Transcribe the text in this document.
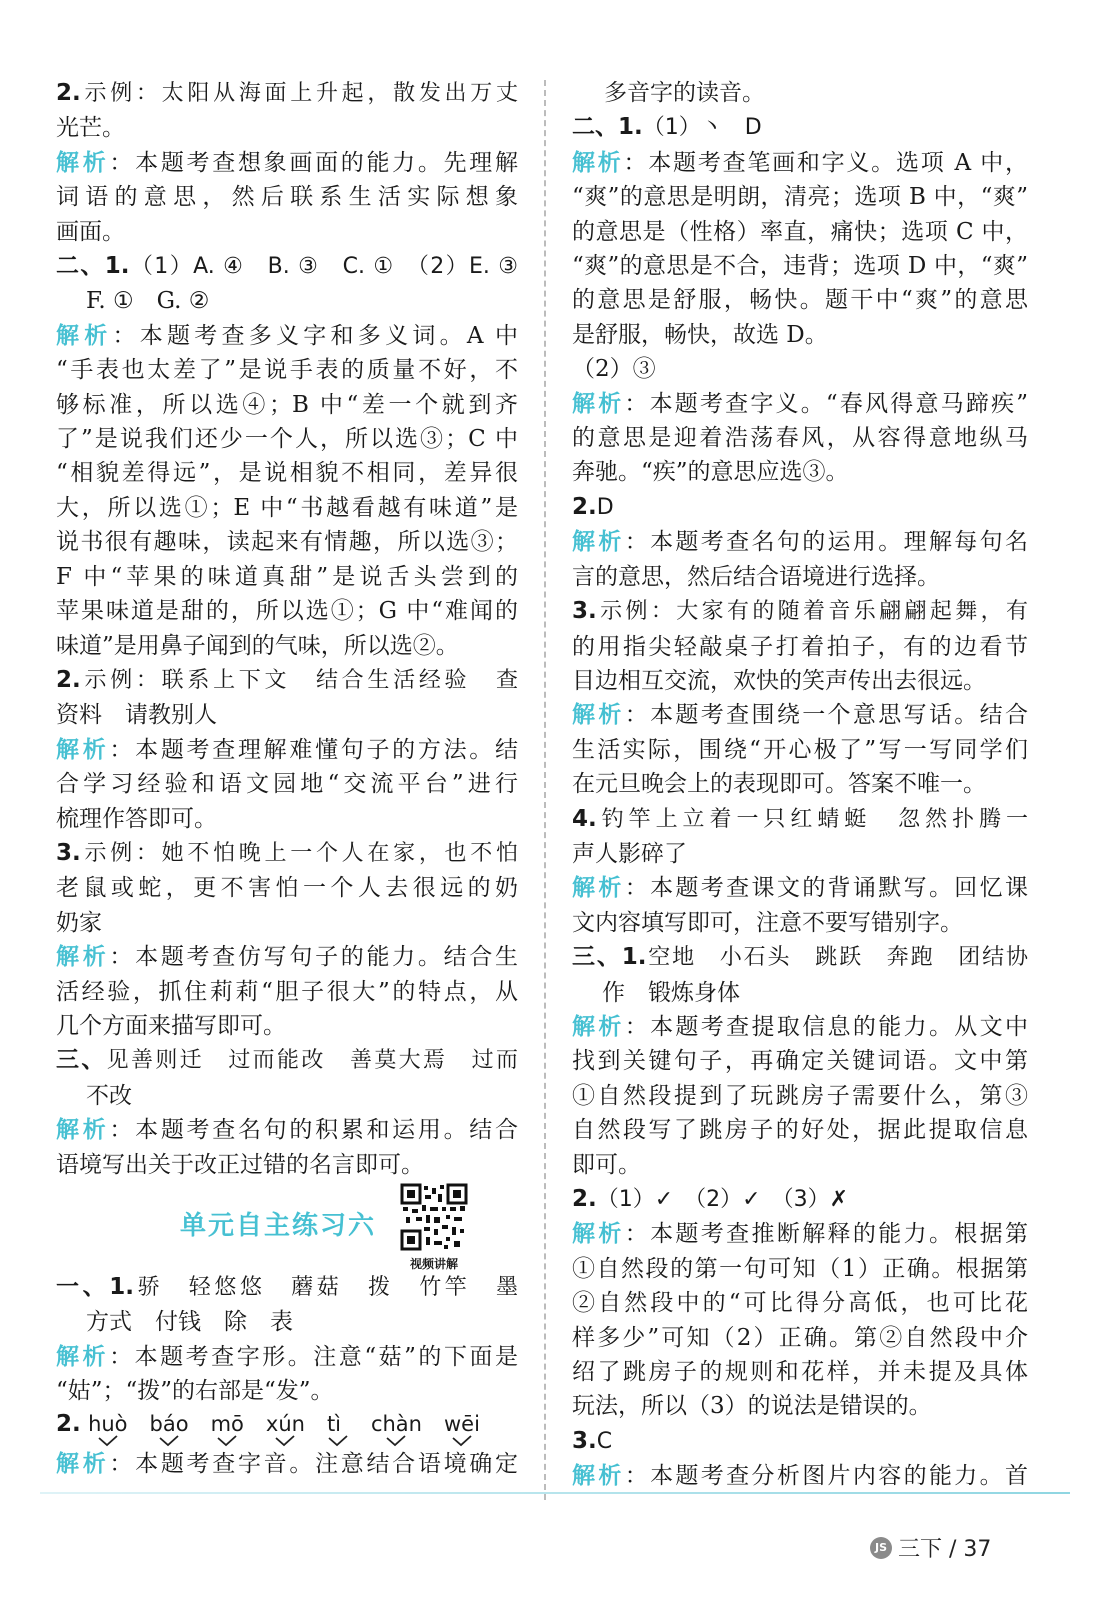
2.示例：太阳从海面上升起，散发出万丈
光芒。
解析：本题考查想象画面的能力。先理解
词语的意思，然后联系生活实际想象
画面。
二、1.（1）A. ④　B. ③　C. ①　（2）E. ③
F. ①　G. ②
解析：本题考查多义字和多义词。A 中
“手表也太差了”是说手表的质量不好，不
够标准，所以选④；B 中“差一个就到齐
了”是说我们还少一个人，所以选③；C 中
“相貌差得远”，是说相貌不相同，差异很
大，所以选①；E 中“书越看越有味道”是
说书很有趣味，读起来有情趣，所以选③；
F 中“苹果的味道真甜”是说舌头尝到的
苹果味道是甜的，所以选①；G 中“难闻的
味道”是用鼻子闻到的气味，所以选②。
2.示例：联系上下文　结合生活经验　查
资料　请教别人
解析：本题考查理解难懂句子的方法。结
合学习经验和语文园地“交流平台”进行
梳理作答即可。
3.示例：她不怕晚上一个人在家，也不怕
老鼠或蛇，更不害怕一个人去很远的奶
奶家
解析：本题考查仿写句子的能力。结合生
活经验，抓住莉莉“胆子很大”的特点，从
几个方面来描写即可。
三、见善则迁　过而能改　善莫大焉　过而
不改
解析：本题考查名句的积累和运用。结合
语境写出关于改正过错的名言即可。
单元自主练习六
视频讲解
一、1.骄　轻悠悠　蘑菇　拨　竹竿　墨
方式　付钱　除　表
解析：本题考查字形。注意“菇”的下面是
“姑”；“拨”的右部是“发”。
2. huò báo mō xún tì chàn wēi
解析：本题考查字音。注意结合语境确定
多音字的读音。
二、1.（1）丶　D
解析：本题考查笔画和字义。选项 A 中，
“爽”的意思是明朗，清亮；选项 B 中，“爽”
的意思是（性格）率直，痛快；选项 C 中，
“爽”的意思是不合，违背；选项 D 中，“爽”
的意思是舒服，畅快。题干中“爽”的意思
是舒服，畅快，故选 D。
（2）③
解析：本题考查字义。“春风得意马蹄疾”
的意思是迎着浩荡春风，从容得意地纵马
奔驰。“疾”的意思应选③。
2.D
解析：本题考查名句的运用。理解每句名
言的意思，然后结合语境进行选择。
3.示例：大家有的随着音乐翩翩起舞，有
的用指尖轻敲桌子打着拍子，有的边看节
目边相互交流，欢快的笑声传出去很远。
解析：本题考查围绕一个意思写话。结合
生活实际，围绕“开心极了”写一写同学们
在元旦晚会上的表现即可。答案不唯一。
4.钓竿上立着一只红蜻蜓　忽然扑腾一
声人影碎了
解析：本题考查课文的背诵默写。回忆课
文内容填写即可，注意不要写错别字。
三、1.空地　小石头　跳跃　奔跑　团结协
作　锻炼身体
解析：本题考查提取信息的能力。从文中
找到关键句子，再确定关键词语。文中第
①自然段提到了玩跳房子需要什么，第③
自然段写了跳房子的好处，据此提取信息
即可。
2.（1）✓　（2）✓　（3）✗
解析：本题考查推断解释的能力。根据第
①自然段的第一句可知（1）正确。根据第
②自然段中的“可比得分高低，也可比花
样多少”可知（2）正确。第②自然段中介
绍了跳房子的规则和花样，并未提及具体
玩法，所以（3）的说法是错误的。
3.C
解析：本题考查分析图片内容的能力。首
JS 三下 / 37
